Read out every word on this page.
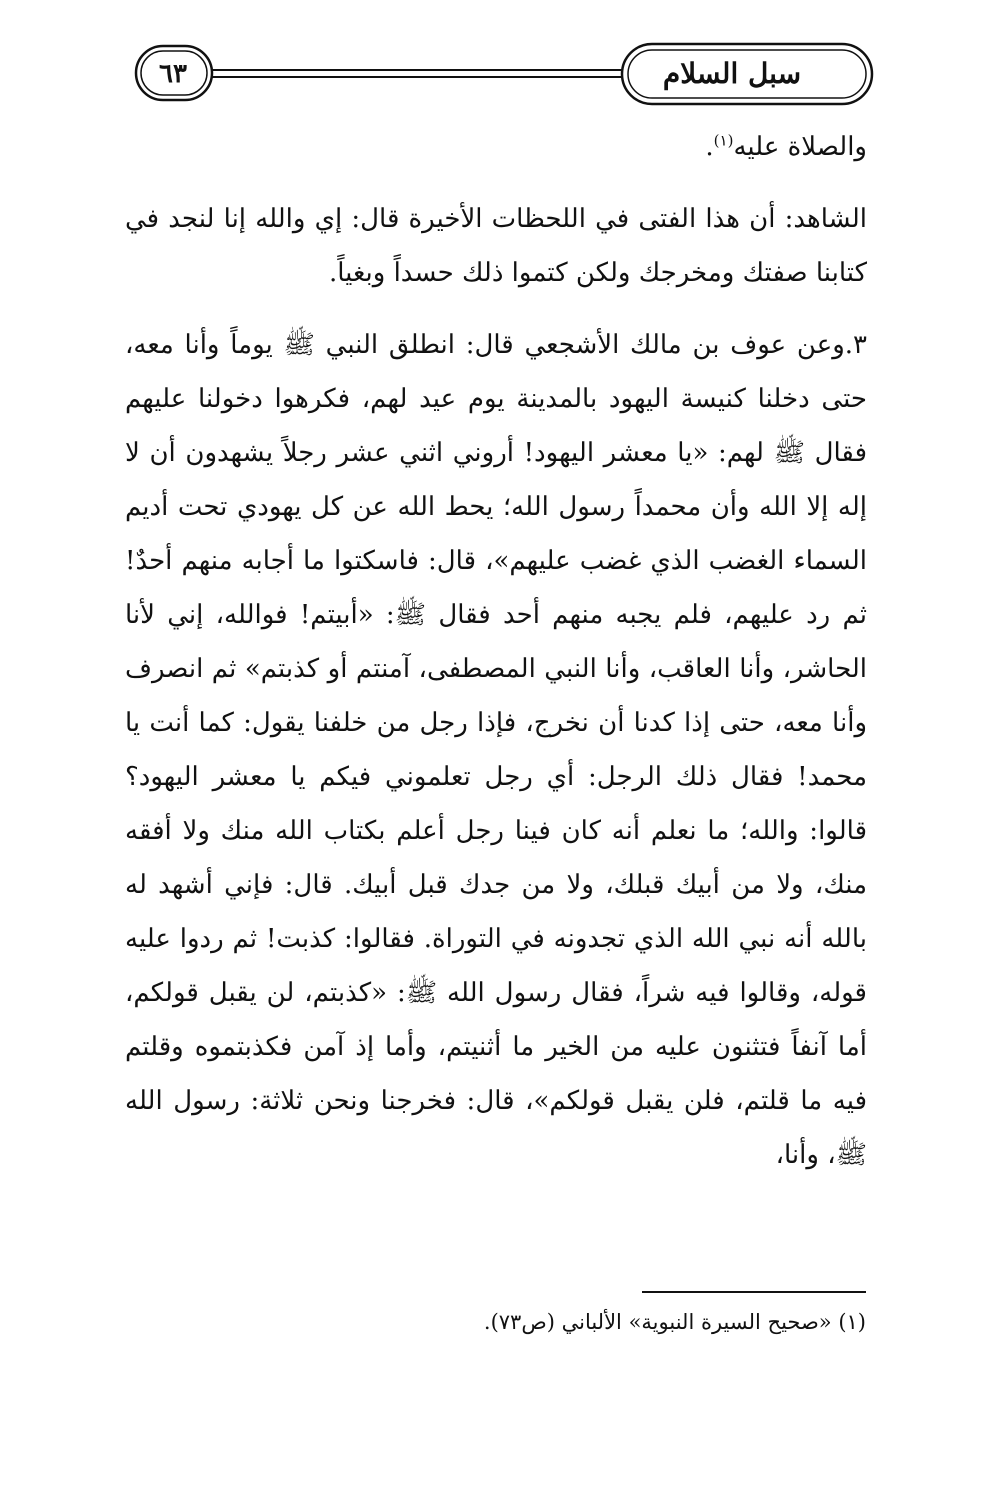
سبل السلام
٦٣

والصلاة عليه$^{(١)}$.

الشاهد: أن هذا الفتى في اللحظات الأخيرة قال: إي والله إنا لنجد في كتابنا صفتك ومخرجك ولكن كتموا ذلك حسداً وبغياً.

٣.وعن عوف بن مالك الأشجعي قال: انطلق النبي ﷺ يوماً وأنا معه، حتى دخلنا كنيسة اليهود بالمدينة يوم عيد لهم، فكرهوا دخولنا عليهم فقال ﷺ لهم: «يا معشر اليهود! أروني اثني عشر رجلاً يشهدون أن لا إله إلا الله وأن محمداً رسول الله؛ يحط الله عن كل يهودي تحت أديم السماء الغضب الذي غضب عليهم»، قال: فاسكتوا ما أجابه منهم أحدٌ! ثم رد عليهم، فلم يجبه منهم أحد فقال ﷺ: «أبيتم! فوالله، إني لأنا الحاشر، وأنا العاقب، وأنا النبي المصطفى، آمنتم أو كذبتم» ثم انصرف وأنا معه، حتى إذا كدنا أن نخرج، فإذا رجل من خلفنا يقول: كما أنت يا محمد! فقال ذلك الرجل: أي رجل تعلموني فيكم يا معشر اليهود؟ قالوا: والله؛ ما نعلم أنه كان فينا رجل أعلم بكتاب الله منك ولا أفقه منك، ولا من أبيك قبلك، ولا من جدك قبل أبيك. قال: فإني أشهد له بالله أنه نبي الله الذي تجدونه في التوراة. فقالوا: كذبت! ثم ردوا عليه قوله، وقالوا فيه شراً، فقال رسول الله ﷺ: «كذبتم، لن يقبل قولكم، أما آنفاً فتثنون عليه من الخير ما أثنيتم، وأما إذ آمن فكذبتموه وقلتم فيه ما قلتم، فلن يقبل قولكم»، قال: فخرجنا ونحن ثلاثة: رسول الله ﷺ، وأنا،

(١) «صحيح السيرة النبوية» الألباني (ص٧٣).
